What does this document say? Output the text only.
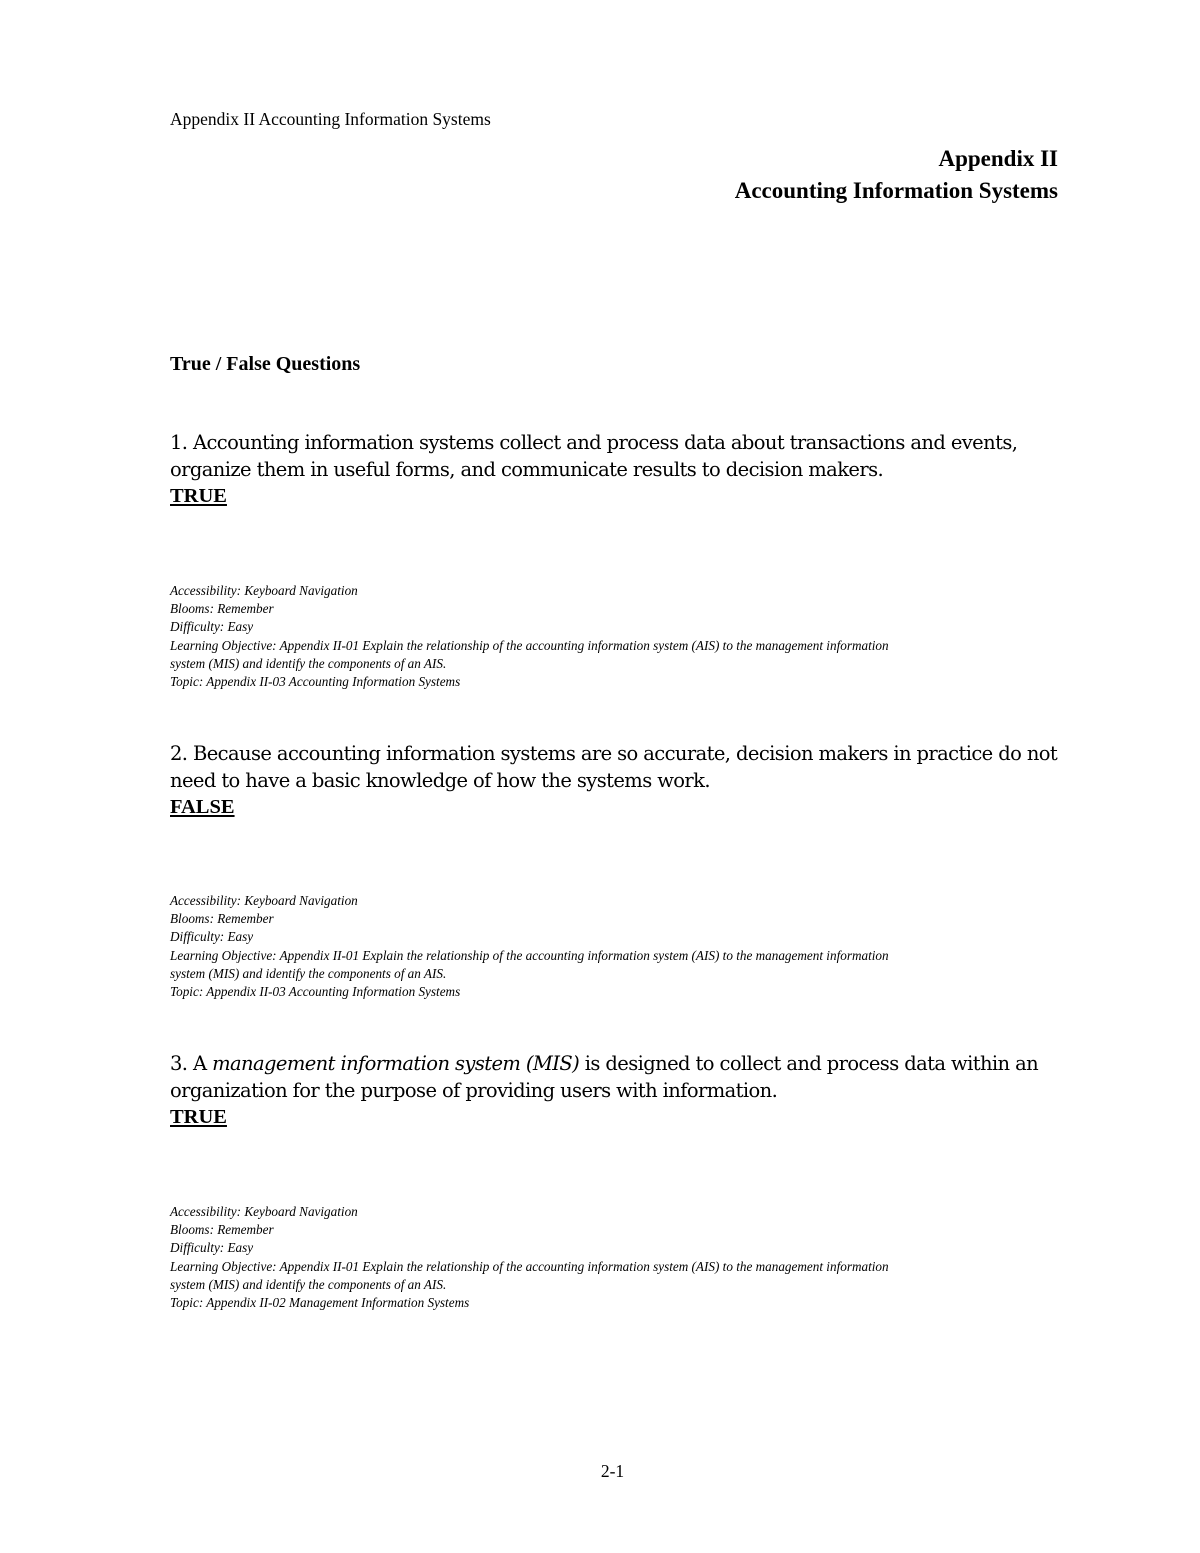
Appendix II Accounting Information Systems
Appendix II
Accounting Information Systems
True / False Questions

1. Accounting information systems collect and process data about transactions and events, organize them in useful forms, and communicate results to decision makers.

TRUE

Accessibility: Keyboard Navigation
Blooms: Remember
Difficulty: Easy
Learning Objective: Appendix II-01 Explain the relationship of the accounting information system (AIS) to the management information
system (MIS) and identify the components of an AIS.
Topic: Appendix II-03 Accounting Information Systems

2. Because accounting information systems are so accurate, decision makers in practice do not need to have a basic knowledge of how the systems work.

FALSE

Accessibility: Keyboard Navigation
Blooms: Remember
Difficulty: Easy
Learning Objective: Appendix II-01 Explain the relationship of the accounting information system (AIS) to the management information
system (MIS) and identify the components of an AIS.
Topic: Appendix II-03 Accounting Information Systems

3. A management information system (MIS) is designed to collect and process data within an organization for the purpose of providing users with information.

TRUE

Accessibility: Keyboard Navigation
Blooms: Remember
Difficulty: Easy
Learning Objective: Appendix II-01 Explain the relationship of the accounting information system (AIS) to the management information
system (MIS) and identify the components of an AIS.
Topic: Appendix II-02 Management Information Systems
2-1
